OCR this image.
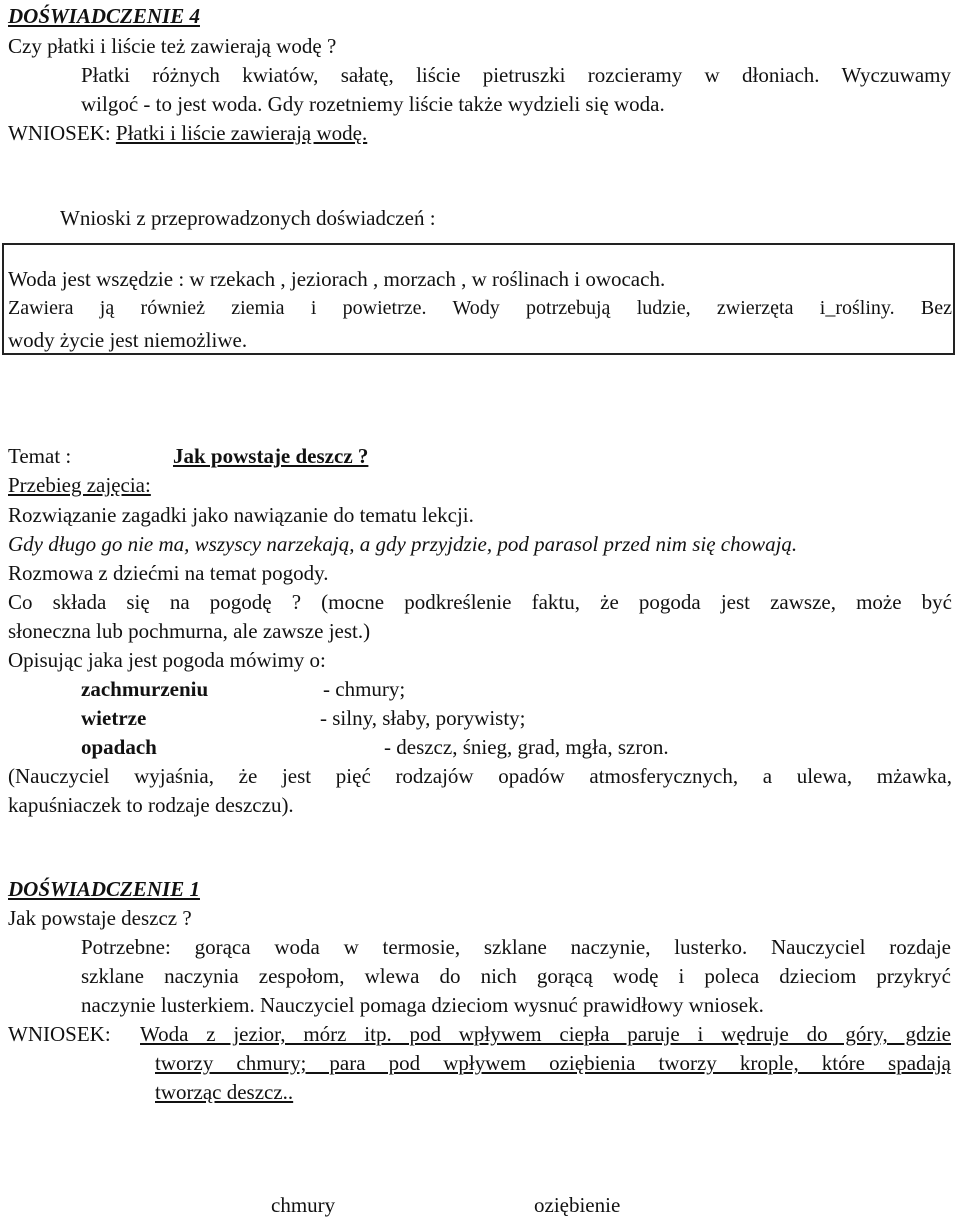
DOŚWIADCZENIE 4
Czy płatki i liście też zawierają wodę ?
Płatki różnych kwiatów, sałatę, liście pietruszki rozcieramy w dłoniach. Wyczuwamy
wilgoć - to jest woda. Gdy rozetniemy liście także wydzieli się woda.
WNIOSEK: Płatki i liście zawierają wodę.
Wnioski z przeprowadzonych doświadczeń :
Woda jest wszędzie : w rzekach , jeziorach , morzach , w roślinach i owocach.
Zawiera ją również ziemia i powietrze. Wody potrzebują ludzie, zwierzęta i_rośliny. Bez
wody życie jest niemożliwe.
Temat :	Jak powstaje deszcz ?
Przebieg zajęcia:
Rozwiązanie zagadki jako nawiązanie do tematu lekcji.
Gdy długo go nie ma, wszyscy narzekają, a gdy przyjdzie, pod parasol przed nim się chowają.
Rozmowa z dziećmi na temat pogody.
Co składa się na pogodę ? (mocne podkreślenie faktu, że pogoda jest zawsze, może być
słoneczna lub pochmurna, ale zawsze jest.)
Opisując jaka jest pogoda mówimy o:
zachmurzeniu	- chmury;
wietrze	- silny, słaby, porywisty;
opadach	- deszcz, śnieg, grad, mgła, szron.
(Nauczyciel wyjaśnia, że jest pięć rodzajów opadów atmosferycznych, a ulewa, mżawka,
kapuśniaczek to rodzaje deszczu).
DOŚWIADCZENIE 1
Jak powstaje deszcz ?
Potrzebne: gorąca woda w termosie, szklane naczynie, lusterko. Nauczyciel rozdaje
szklane naczynia zespołom, wlewa do nich gorącą wodę i poleca dzieciom przykryć
naczynie lusterkiem. Nauczyciel pomaga dzieciom wysnuć prawidłowy wniosek.
WNIOSEK: Woda z jezior, mórz itp. pod wpływem ciepła paruje i wędruje do góry, gdzie
tworzy chmury; para pod wpływem oziębienia tworzy krople, które spadają
tworząc deszcz..
chmury	oziębienie
